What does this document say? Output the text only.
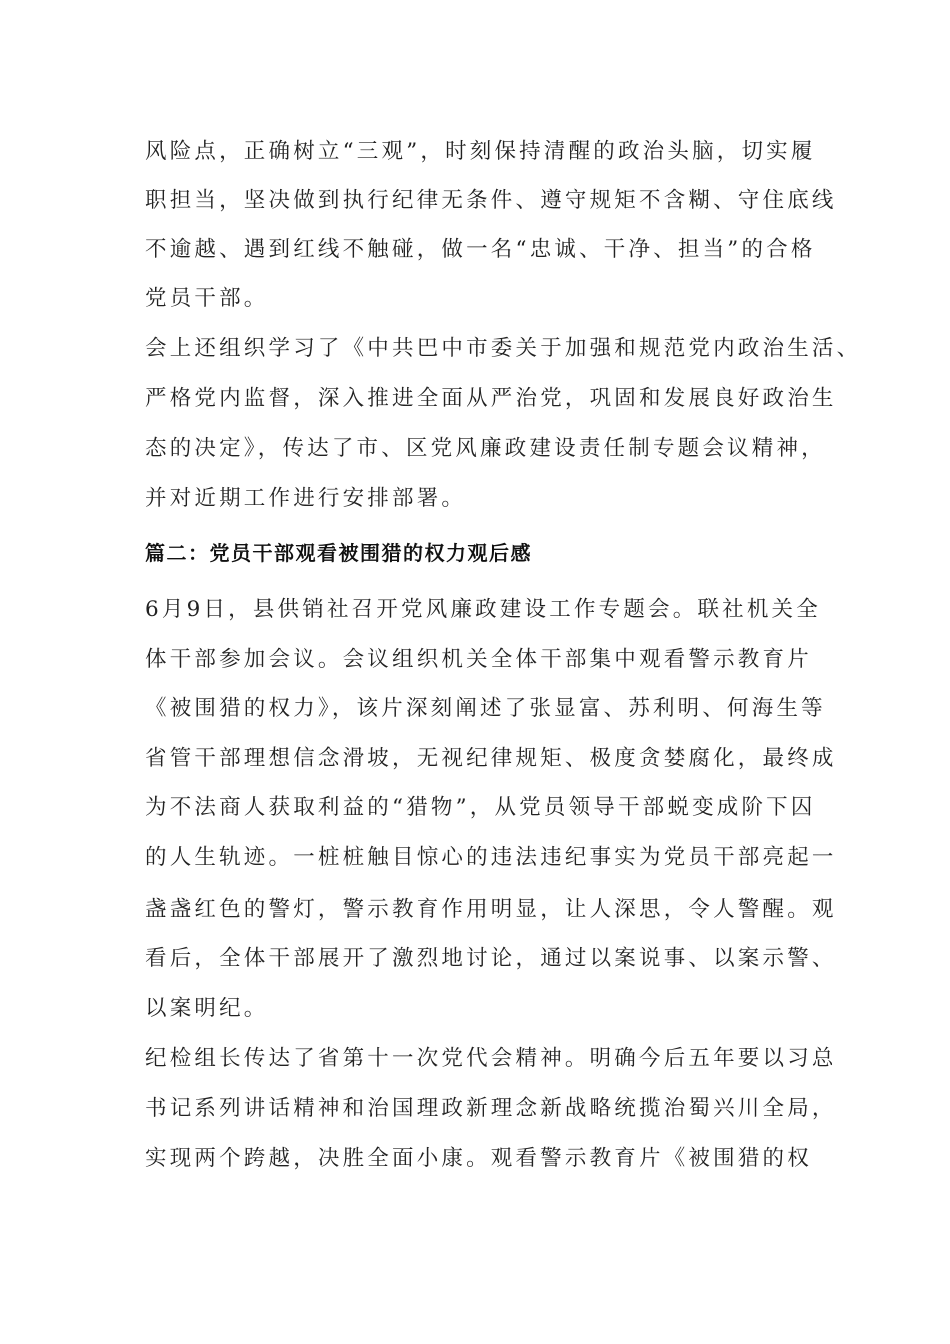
风险点，正确树立“三观”，时刻保持清醒的政治头脑，切实履
职担当，坚决做到执行纪律无条件、遵守规矩不含糊、守住底线
不逾越、遇到红线不触碰，做一名“忠诚、干净、担当”的合格
党员干部。
会上还组织学习了《中共巴中市委关于加强和规范党内政治生活、
严格党内监督，深入推进全面从严治党，巩固和发展良好政治生
态的决定》，传达了市、区党风廉政建设责任制专题会议精神，
并对近期工作进行安排部署。
篇二：党员干部观看被围猎的权力观后感
6月9日，县供销社召开党风廉政建设工作专题会。联社机关全
体干部参加会议。会议组织机关全体干部集中观看警示教育片
《被围猎的权力》，该片深刻阐述了张显富、苏利明、何海生等
省管干部理想信念滑坡，无视纪律规矩、极度贪婪腐化，最终成
为不法商人获取利益的“猎物”，从党员领导干部蜕变成阶下囚
的人生轨迹。一桩桩触目惊心的违法违纪事实为党员干部亮起一
盏盏红色的警灯，警示教育作用明显，让人深思，令人警醒。观
看后，全体干部展开了激烈地讨论，通过以案说事、以案示警、
以案明纪。
纪检组长传达了省第十一次党代会精神。明确今后五年要以习总
书记系列讲话精神和治国理政新理念新战略统揽治蜀兴川全局，
实现两个跨越，决胜全面小康。观看警示教育片《被围猎的权
